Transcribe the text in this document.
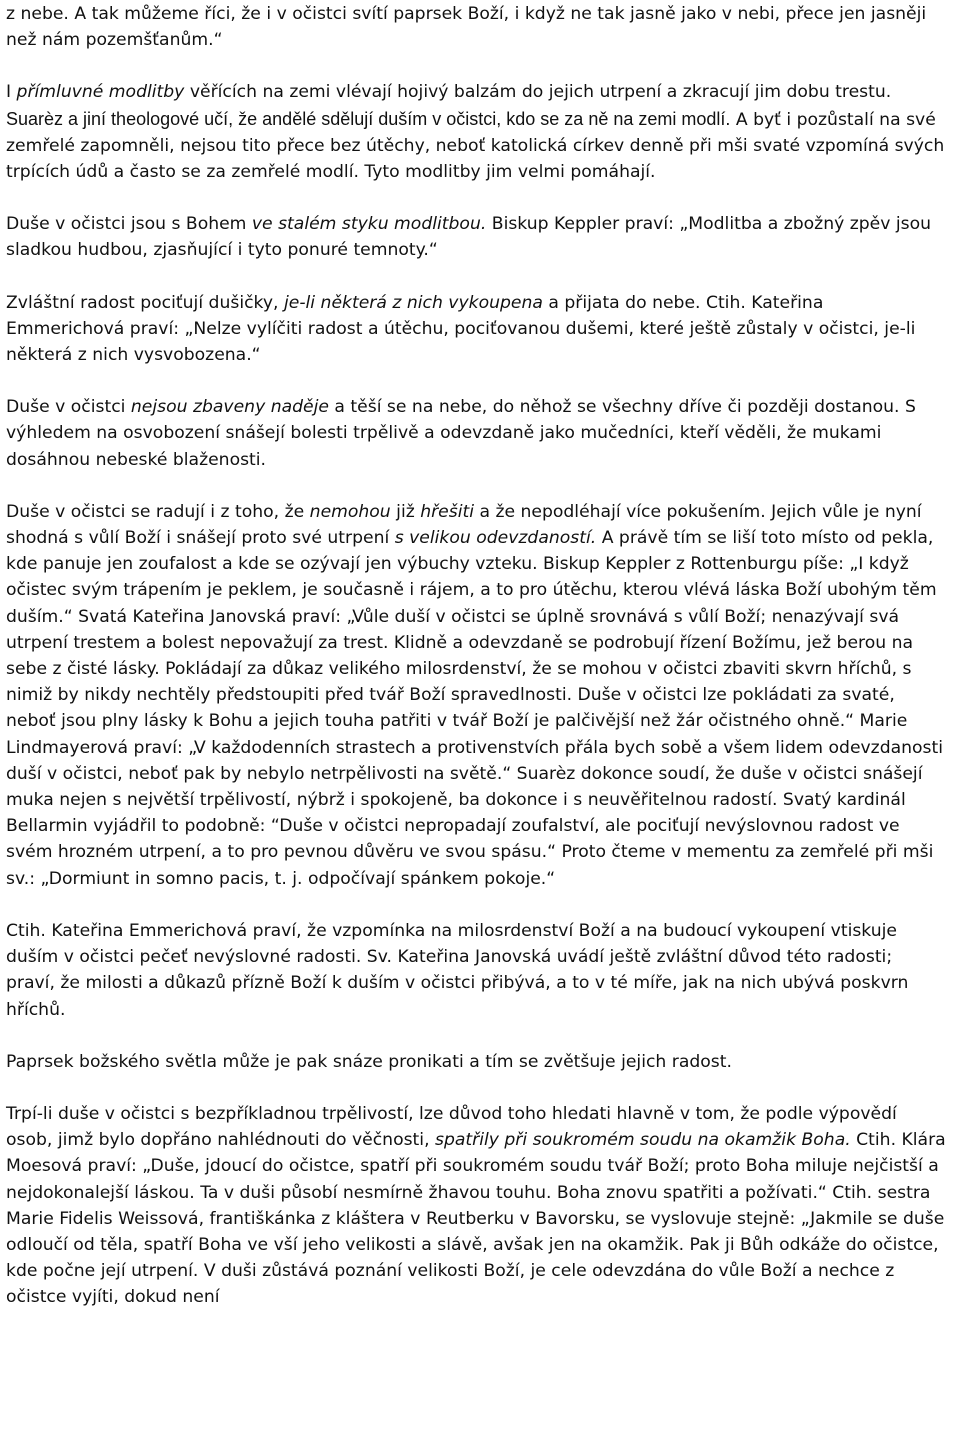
z nebe. A tak můžeme říci, že i v očistci svítí paprsek Boží, i když ne tak jasně jako v nebi, přece jen jasněji než nám pozemšťanům.“
I přímluvné modlitby věřících na zemi vlévají hojivý balzám do jejich utrpení a zkracují jim dobu trestu. Suarèz a jiní theologové učí, že andělé sdělují duším v očistci, kdo se za ně na zemi modlí. A byť i pozůstalí na své zemřelé zapomněli, nejsou tito přece bez útěchy, neboť katolická církev denně při mši svaté vzpomíná svých trpících údů a často se za zemřelé modlí. Tyto modlitby jim velmi pomáhají.
Duše v očistci jsou s Bohem ve stalém styku modlitbou. Biskup Keppler praví: „Modlitba a zbožný zpěv jsou sladkou hudbou, zjasňující i tyto ponuré temnoty.“
Zvláštní radost pociťují dušičky, je-li některá z nich vykoupena a přijata do nebe. Ctih. Kateřina Emmerichová praví: „Nelze vylíčiti radost a útěchu, pociťovanou dušemi, které ještě zůstaly v očistci, je-li některá z nich vysvobozena.“
Duše v očistci nejsou zbaveny naděje a těší se na nebe, do něhož se všechny dříve či později dostanou. S výhledem na osvobození snášejí bolesti trpělivě a odevzdaně jako mučedníci, kteří věděli, že mukami dosáhnou nebeské blaženosti.
Duše v očistci se radují i z toho, že nemohou již hřešiti a že nepodléhají více pokušením. Jejich vůle je nyní shodná s vůlí Boží i snášejí proto své utrpení s velikou odevzdaností. A právě tím se liší toto místo od pekla, kde panuje jen zoufalost a kde se ozývají jen výbuchy vzteku. Biskup Keppler z Rottenburgu píše: „I když očistec svým trápením je peklem, je současně i rájem, a to pro útěchu, kterou vlévá láska Boží ubohým těm duším.“ Svatá Kateřina Janovská praví: „Vůle duší v očistci se úplně srovnává s vůlí Boží; nenazývají svá utrpení trestem a bolest nepovažují za trest. Klidně a odevzdaně se podrobují řízení Božímu, jež berou na sebe z čisté lásky. Pokládají za důkaz velikého milosrdenství, že se mohou v očistci zbaviti skvrn hříchů, s nimiž by nikdy nechtěly předstoupiti před tvář Boží spravedlnosti. Duše v očistci lze pokládati za svaté, neboť jsou plny lásky k Bohu a jejich touha patřiti v tvář Boží je palčivější než žár očistného ohně.“ Marie Lindmayerová praví: „V každodenních strastech a protivenstvích přála bych sobě a všem lidem odevzdanosti duší v očistci, neboť pak by nebylo netrpělivosti na světě.“ Suarèz dokonce soudí, že duše v očistci snášejí muka nejen s největší trpělivostí, nýbrž i spokojeně, ba dokonce i s neuvěřitelnou radostí. Svatý kardinál Bellarmin vyjádřil to podobně: “Duše v očistci nepropadají zoufalství, ale pociťují nevýslovnou radost ve svém hrozném utrpení, a to pro pevnou důvěru ve svou spásu.“ Proto čteme v mementu za zemřelé při mši sv.: „Dormiunt in somno pacis, t. j. odpočívají spánkem pokoje.“
Ctih. Kateřina Emmerichová praví, že vzpomínka na milosrdenství Boží a na budoucí vykoupení vtiskuje duším v očistci pečeť nevýslovné radosti. Sv. Kateřina Janovská uvádí ještě zvláštní důvod této radosti; praví, že milosti a důkazů přízně Boží k duším v očistci přibývá, a to v té míře, jak na nich ubývá poskvrn hříchů.
Paprsek božského světla může je pak snáze pronikati a tím se zvětšuje jejich radost.
Trpí-li duše v očistci s bezpříkladnou trpělivostí, lze důvod toho hledati hlavně v tom, že podle výpovědí osob, jimž bylo dopřáno nahlédnouti do věčnosti, spatřily při soukromém soudu na okamžik Boha. Ctih. Klára Moesová praví: „Duše, jdoucí do očistce, spatří při soukromém soudu tvář Boží; proto Boha miluje nejčistší a nejdokonalejší láskou. Ta v duši působí nesmírně žhavou touhu. Boha znovu spatřiti a požívati.“ Ctih. sestra Marie Fidelis Weissová, františkánka z kláštera v Reutberku v Bavorsku, se vyslovuje stejně: „Jakmile se duše odloučí od těla, spatří Boha ve vší jeho velikosti a slávě, avšak jen na okamžik. Pak ji Bůh odkáže do očistce, kde počne její utrpení. V duši zůstává poznání velikosti Boží, je cele odevzdána do vůle Boží a nechce z očistce vyjíti, dokud není
